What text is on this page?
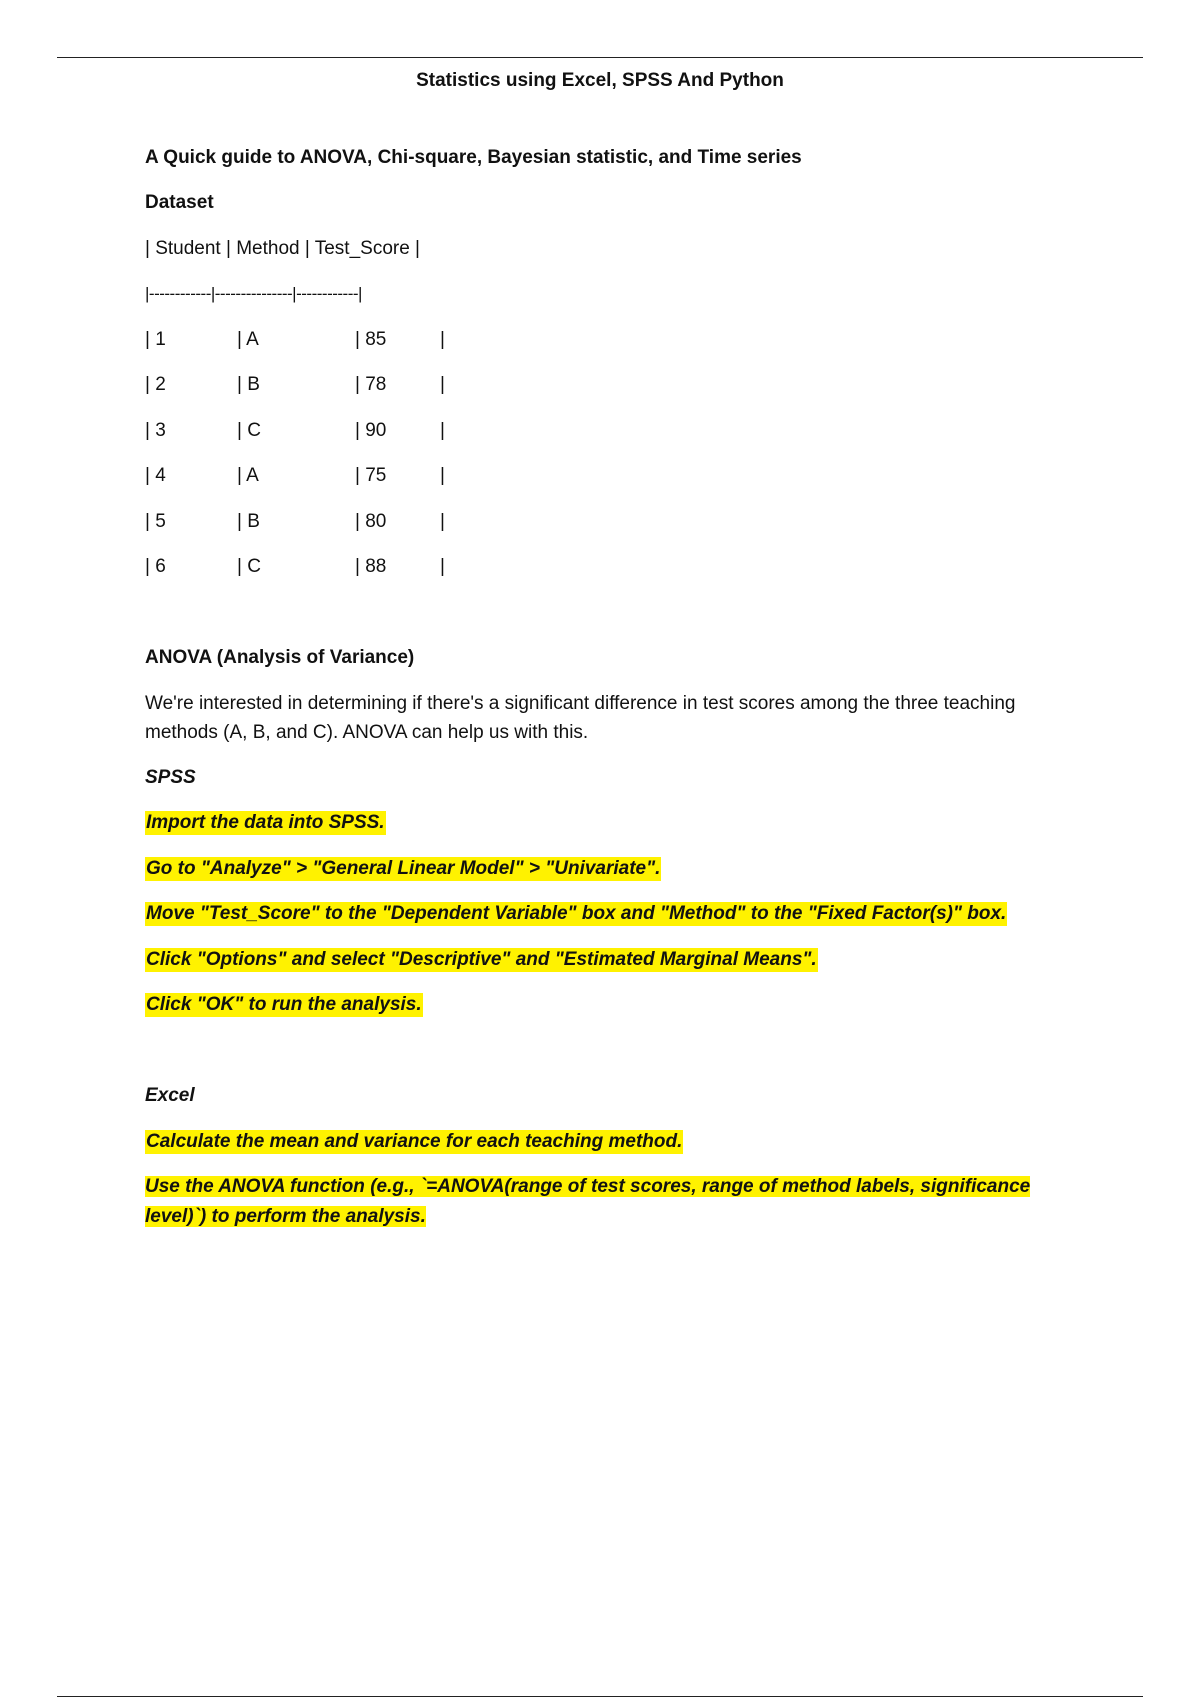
Statistics using Excel, SPSS And Python
A Quick guide to ANOVA, Chi-square, Bayesian statistic, and Time series
Dataset
| Student | Method | Test_Score |
|------------|---------------|------------|

| 1

	| A

	| 85

	|

| 2

	| B

	| 78

	|

| 3

	| C

	| 90

	|

| 4

	| A

	| 75

	|

| 5

	| B

	| 80

	|

| 6

	| C

	| 88

	|

ANOVA (Analysis of Variance)
We're interested in determining if there's a significant difference in test scores among the three teaching methods (A, B, and C). ANOVA can help us with this.
SPSS
Import the data into SPSS.
Go to "Analyze" > "General Linear Model" > "Univariate".
Move "Test_Score" to the "Dependent Variable" box and "Method" to the "Fixed Factor(s)" box.
Click "Options" and select "Descriptive" and "Estimated Marginal Means".
Click "OK" to run the analysis.
Excel
Calculate the mean and variance for each teaching method.
Use the ANOVA function (e.g., `=ANOVA(range of test scores, range of method labels, significance level)`) to perform the analysis.
